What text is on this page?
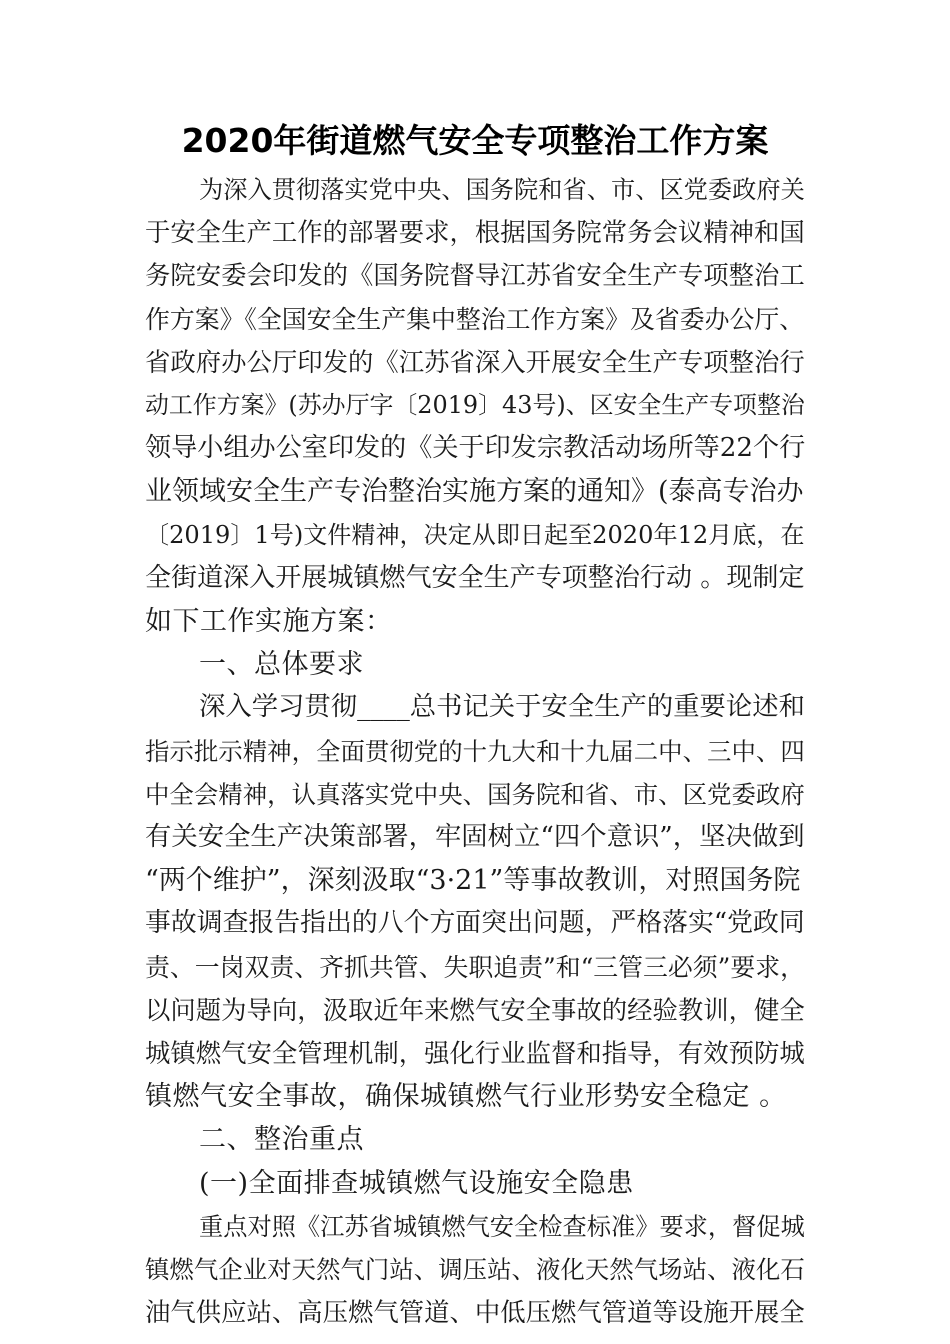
2020年街道燃气安全专项整治工作方案
为深入贯彻落实党中央、国务院和省、市、区党委政府关
于安全生产工作的部署要求，根据国务院常务会议精神和国
务院安委会印发的《国务院督导江苏省安全生产专项整治工
作方案》《全国安全生产集中整治工作方案》及省委办公厅、
省政府办公厅印发的《江苏省深入开展安全生产专项整治行
动工作方案》(苏办厅字〔2019〕43号)、区安全生产专项整治
领导小组办公室印发的《关于印发宗教活动场所等22个行
业领域安全生产专治整治实施方案的通知》(泰高专治办
〔2019〕1号)文件精神，决定从即日起至2020年12月底，在
全街道深入开展城镇燃气安全生产专项整治行动 。现制定
如下工作实施方案：
一、总体要求
深入学习贯彻____总书记关于安全生产的重要论述和
指示批示精神，全面贯彻党的十九大和十九届二中、三中、四
中全会精神，认真落实党中央、国务院和省、市、区党委政府
有关安全生产决策部署，牢固树立“四个意识”，坚决做到
“两个维护”，深刻汲取“3·21”等事故教训，对照国务院
事故调查报告指出的八个方面突出问题，严格落实“党政同
责、一岗双责、齐抓共管、失职追责”和“三管三必须”要求，
以问题为导向，汲取近年来燃气安全事故的经验教训，健全
城镇燃气安全管理机制，强化行业监督和指导，有效预防城
镇燃气安全事故，确保城镇燃气行业形势安全稳定 。
二、整治重点
(一)全面排查城镇燃气设施安全隐患
重点对照《江苏省城镇燃气安全检查标准》要求，督促城
镇燃气企业对天然气门站、调压站、液化天然气场站、液化石
油气供应站、高压燃气管道、中低压燃气管道等设施开展全
